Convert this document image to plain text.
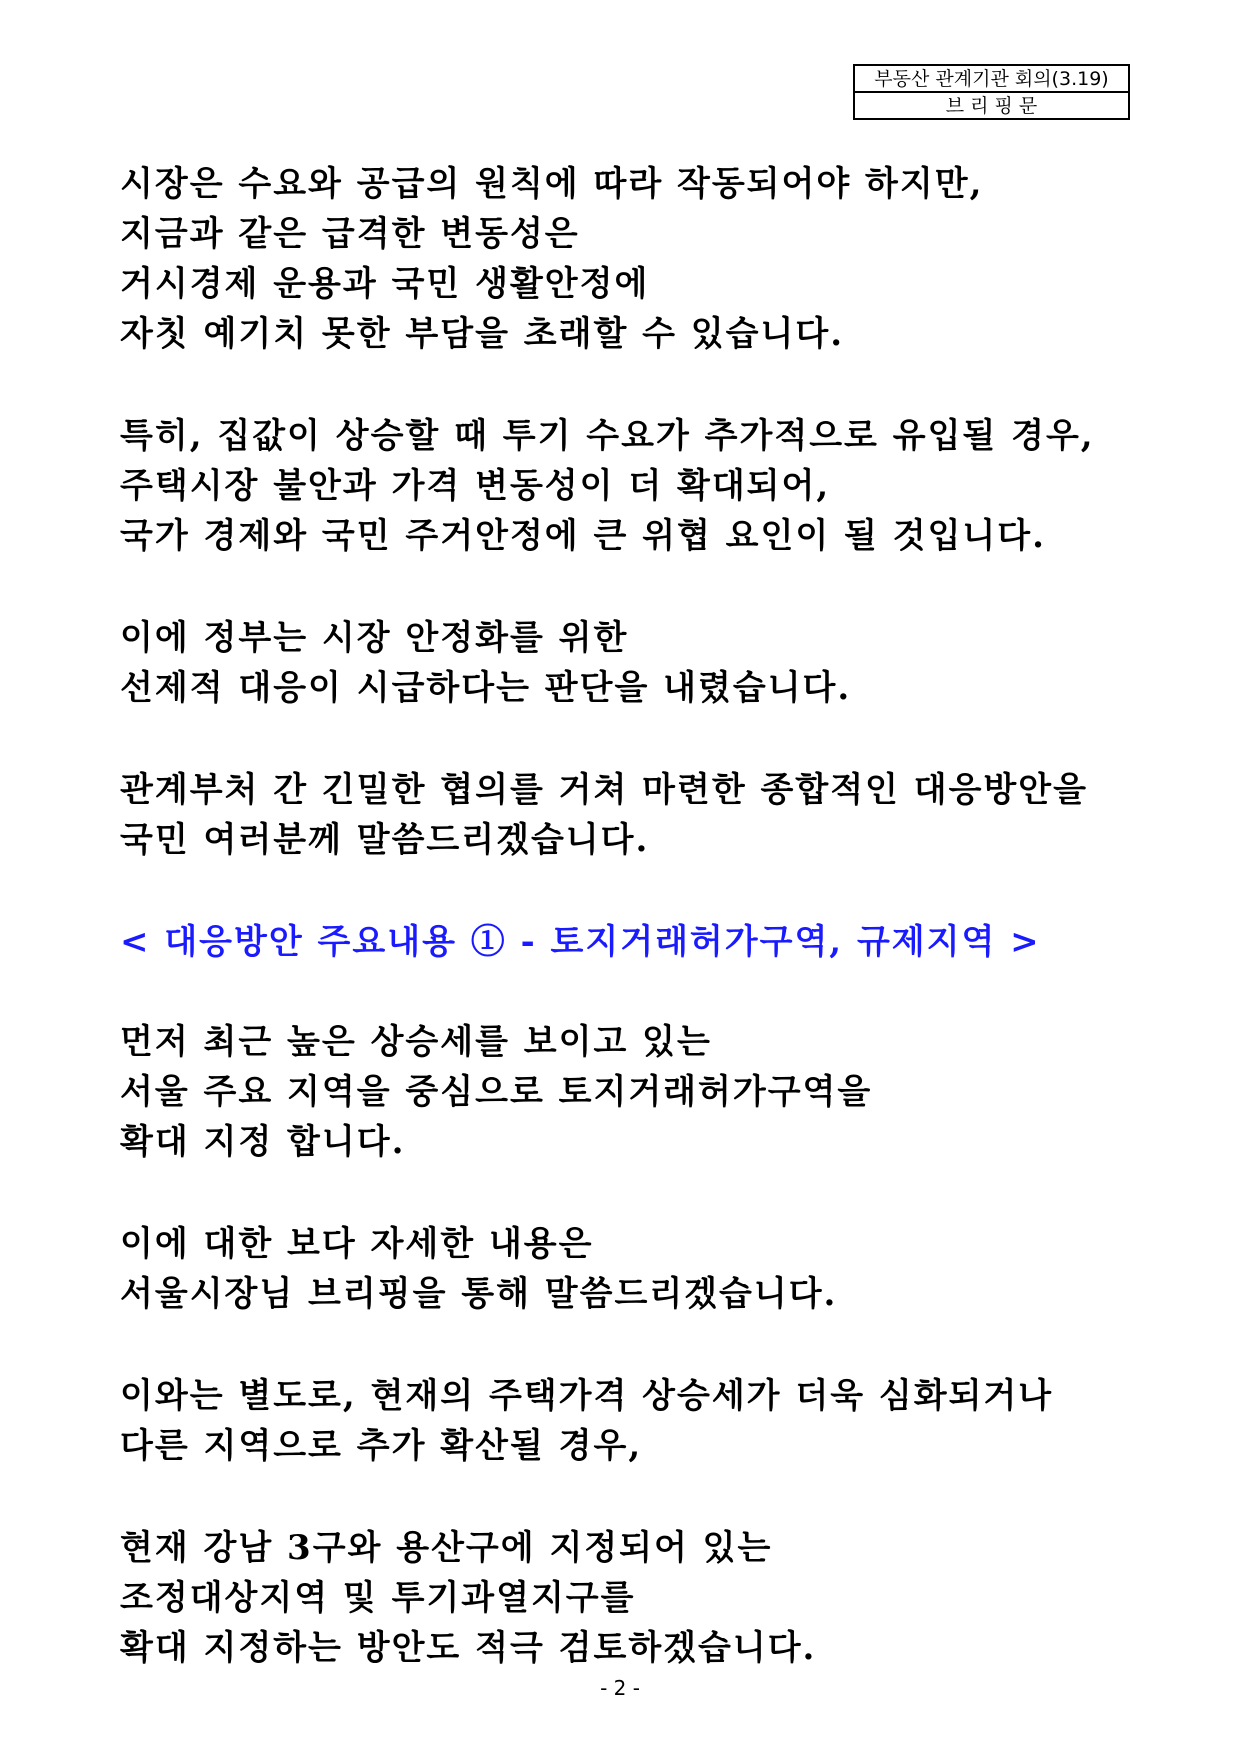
부동산 관계기관 회의(3.19)
브 리 핑 문
시장은 수요와 공급의 원칙에 따라 작동되어야 하지만,
지금과 같은 급격한 변동성은
거시경제 운용과 국민 생활안정에
자칫 예기치 못한 부담을 초래할 수 있습니다.
특히, 집값이 상승할 때 투기 수요가 추가적으로 유입될 경우,
주택시장 불안과 가격 변동성이 더 확대되어,
국가 경제와 국민 주거안정에 큰 위협 요인이 될 것입니다.
이에 정부는 시장 안정화를 위한
선제적 대응이 시급하다는 판단을 내렸습니다.
관계부처 간 긴밀한 협의를 거쳐 마련한 종합적인 대응방안을
국민 여러분께 말씀드리겠습니다.
< 대응방안 주요내용 ① - 토지거래허가구역, 규제지역 >
먼저 최근 높은 상승세를 보이고 있는
서울 주요 지역을 중심으로 토지거래허가구역을
확대 지정 합니다.
이에 대한 보다 자세한 내용은
서울시장님 브리핑을 통해 말씀드리겠습니다.
이와는 별도로, 현재의 주택가격 상승세가 더욱 심화되거나
다른 지역으로 추가 확산될 경우,
현재 강남 3구와 용산구에 지정되어 있는
조정대상지역 및 투기과열지구를
확대 지정하는 방안도 적극 검토하겠습니다.
- 2 -
